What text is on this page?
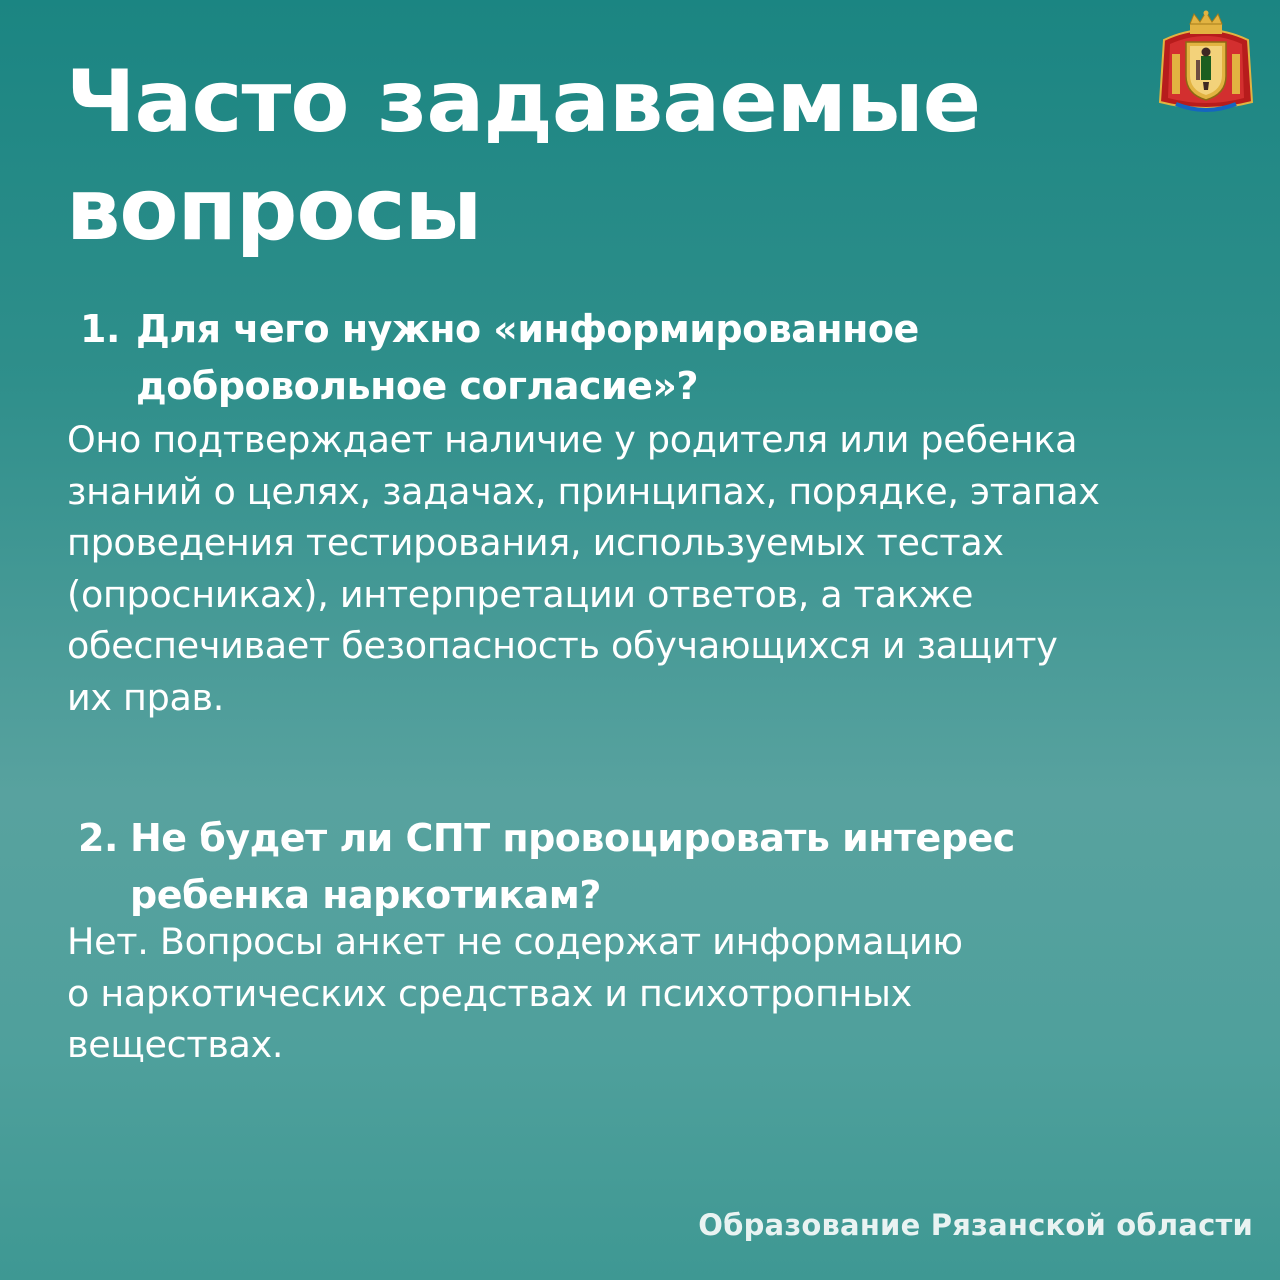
Часто задаваемые
вопросы
1. Для чего нужно «информированное
добровольное согласие»?
Оно подтверждает наличие у родителя или ребенка
знаний о целях, задачах, принципах, порядке, этапах
проведения тестирования, используемых тестах
(опросниках), интерпретации ответов, а также
обеспечивает безопасность обучающихся и защиту
их прав.
2. Не будет ли СПТ провоцировать интерес
ребенка наркотикам?
Нет. Вопросы анкет не содержат информацию
о наркотических средствах и психотропных
веществах.
Образование Рязанской области
